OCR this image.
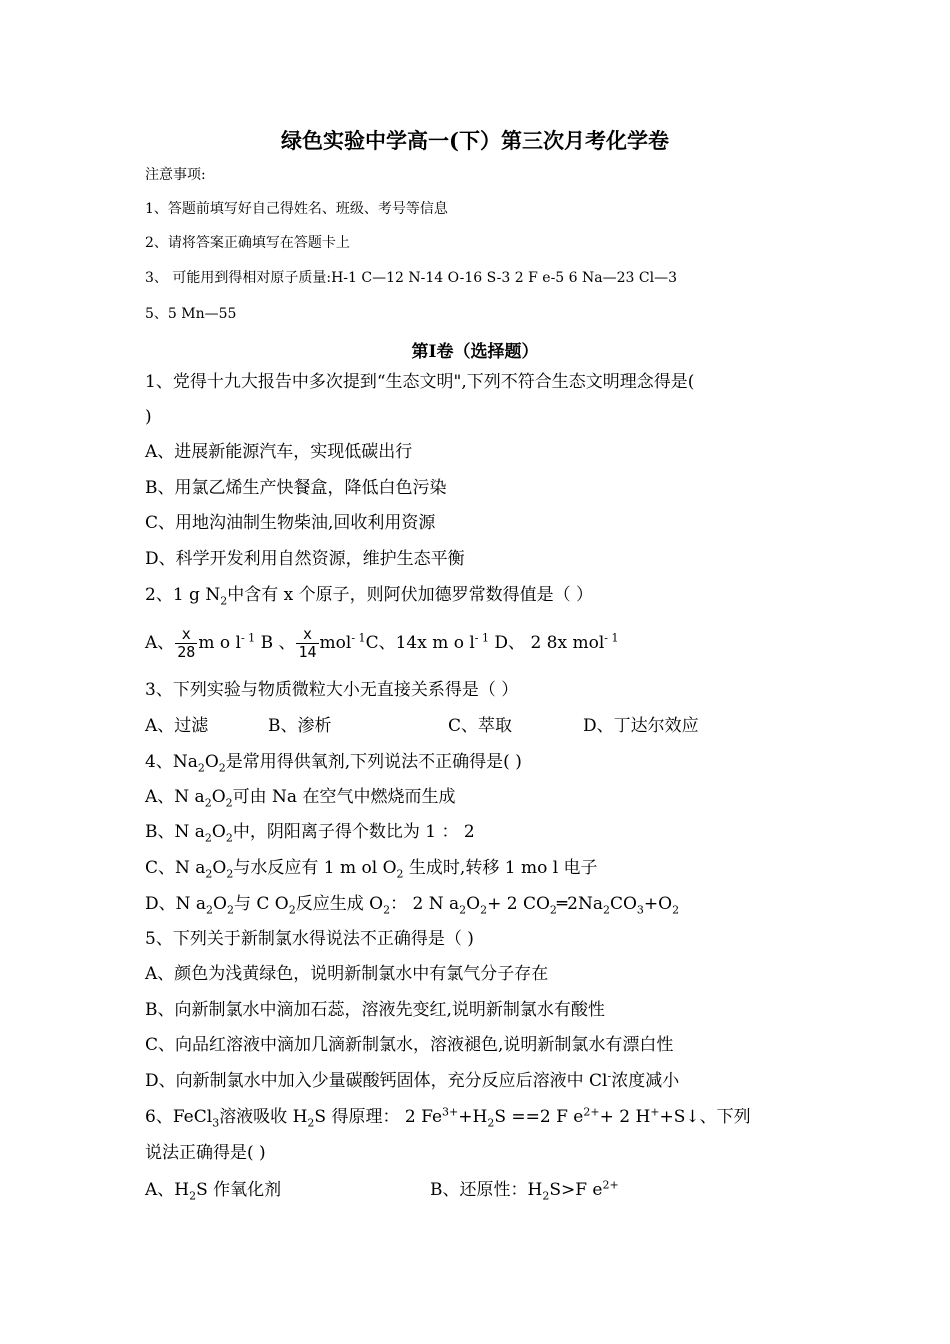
绿色实验中学高一(下）第三次月考化学卷
注意事项:
1、答题前填写好自己得姓名、班级、考号等信息
2、请将答案正确填写在答题卡上
3、 可能用到得相对原子质量:H-1 C—12 N-14 O-16 S-3 2 F e-5 6 Na—23 Cl—3
5、5 Mn—55
第Ⅰ卷（选择题）
1、党得十九大报告中多次提到“生态文明",下列不符合生态文明理念得是(
)
A、进展新能源汽车，实现低碳出行
B、用氯乙烯生产快餐盒，降低白色污染
C、用地沟油制生物柴油,回收利用资源
D、科学开发利用自然资源，维护生态平衡
2、1 g $N_2$中含有 x 个原子，则阿伏加德罗常数得值是（ ）
A、 $\frac{x}{28}$ m o $l^{- 1}$ B 、 $\frac{x}{14} mol^{- 1}C$、14x m o $l^{- 1}$ D、 2 8x mol$^{- 1}$
3、下列实验与物质微粒大小无直接关系得是（ ）
A、过滤	B、渗析	C、萃取	D、丁达尔效应
4、$Na_2O_2$是常用得供氧剂,下列说法不正确得是( )
A、N $a_2O_2$可由 Na 在空气中燃烧而生成
B、N $a_2O_2$中，阴阳离子得个数比为 1 ： 2
C、N $a_2O_2$与水反应有 1 m ol $O_2$ 生成时,转移 1 mo l 电子
D、N $a_2O_2$与 C $O_2$反应生成 $O_2$： 2 N $a_2O_2+ 2$ $CO_2═2Na_2CO_3+O_2$
5、下列关于新制氯水得说法不正确得是（ )
A、颜色为浅黄绿色，说明新制氯水中有氯气分子存在
B、向新制氯水中滴加石蕊，溶液先变红,说明新制氯水有酸性
C、向品红溶液中滴加几滴新制氯水，溶液褪色,说明新制氯水有漂白性
D、向新制氯水中加入少量碳酸钙固体，充分反应后溶液中 Cl-浓度减小
6、FeCl$_3$溶液吸收 $H_2S$ 得原理： 2 $Fe^{3+}+H_2S ==2$ F $e^{2+}+ 2$ H++S↓、下列
说法正确得是( )
A、$H_2S$ 作氧化剂	B、还原性：$H_2S>F$ $e^{2+}$
